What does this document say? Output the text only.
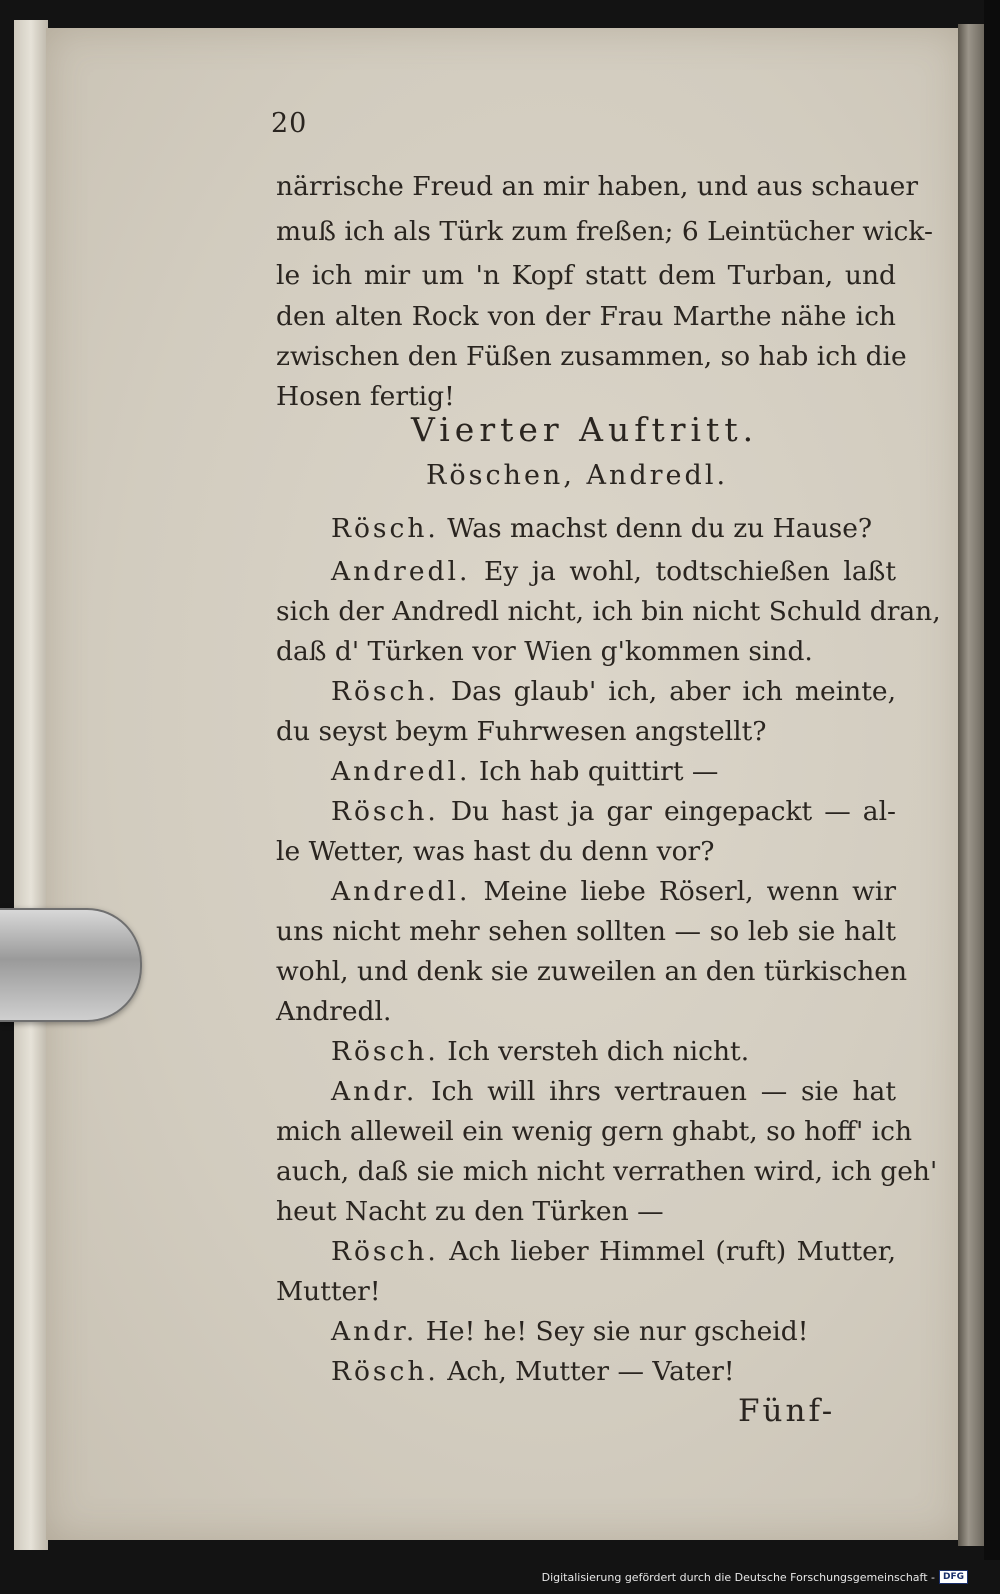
20
närrische Freud an mir haben, und aus schauer
muß ich als Türk zum freßen; 6 Leintücher wick-
le ich mir um 'n Kopf statt dem Turban, und
den alten Rock von der Frau Marthe nähe ich
zwischen den Füßen zusammen, so hab ich die
Hosen fertig!
Vierter Auftritt.
Röschen, Andredl.
Rösch. Was machst denn du zu Hause?
Andredl. Ey ja wohl, todtschießen laßt
sich der Andredl nicht, ich bin nicht Schuld dran,
daß d' Türken vor Wien g'kommen sind.
Rösch. Das glaub' ich, aber ich meinte,
du seyst beym Fuhrwesen angstellt?
Andredl. Ich hab quittirt —
Rösch. Du hast ja gar eingepackt — al-
le Wetter, was hast du denn vor?
Andredl. Meine liebe Röserl, wenn wir
uns nicht mehr sehen sollten — so leb sie halt
wohl, und denk sie zuweilen an den türkischen
Andredl.
Rösch. Ich versteh dich nicht.
Andr. Ich will ihrs vertrauen — sie hat
mich alleweil ein wenig gern ghabt, so hoff' ich
auch, daß sie mich nicht verrathen wird, ich geh'
heut Nacht zu den Türken —
Rösch. Ach lieber Himmel (ruft) Mutter,
Mutter!
Andr. He! he! Sey sie nur gscheid!
Rösch. Ach, Mutter — Vater!
Fünf-
Digitalisierung gefördert durch die Deutsche Forschungsgemeinschaft - DFG
